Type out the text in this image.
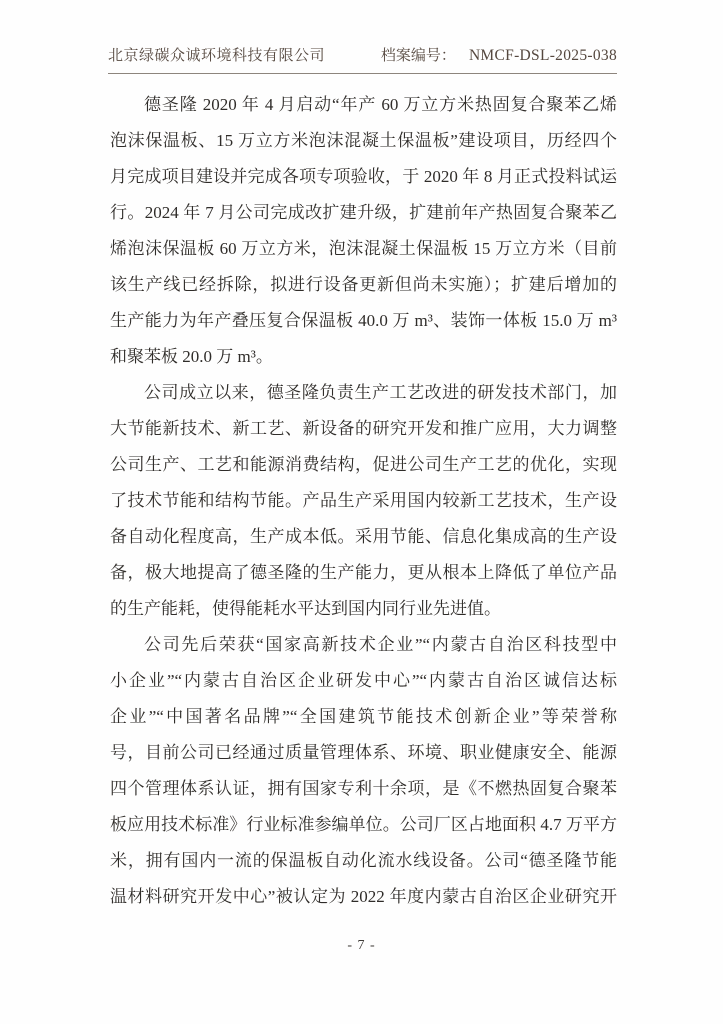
北京绿碳众诚环境科技有限公司	档案编号： NMCF-DSL-2025-038
德圣隆 2020 年 4 月启动“年产 60 万立方米热固复合聚苯乙烯
泡沫保温板、15 万立方米泡沫混凝土保温板”建设项目，历经四个
月完成项目建设并完成各项专项验收，于 2020 年 8 月正式投料试运
行。2024 年 7 月公司完成改扩建升级，扩建前年产热固复合聚苯乙
烯泡沫保温板 60 万立方米，泡沫混凝土保温板 15 万立方米（目前
该生产线已经拆除，拟进行设备更新但尚未实施）；扩建后增加的
生产能力为年产叠压复合保温板 40.0 万 m³、装饰一体板 15.0 万 m³
和聚苯板 20.0 万 m³。
公司成立以来，德圣隆负责生产工艺改进的研发技术部门，加
大节能新技术、新工艺、新设备的研究开发和推广应用，大力调整
公司生产、工艺和能源消费结构，促进公司生产工艺的优化，实现
了技术节能和结构节能。产品生产采用国内较新工艺技术，生产设
备自动化程度高，生产成本低。采用节能、信息化集成高的生产设
备，极大地提高了德圣隆的生产能力，更从根本上降低了单位产品
的生产能耗，使得能耗水平达到国内同行业先进值。
公司先后荣获“国家高新技术企业”“内蒙古自治区科技型中
小企业”“内蒙古自治区企业研发中心”“内蒙古自治区诚信达标
企业”“中国著名品牌”“全国建筑节能技术创新企业”等荣誉称
号，目前公司已经通过质量管理体系、环境、职业健康安全、能源
四个管理体系认证，拥有国家专利十余项，是《不燃热固复合聚苯
板应用技术标准》行业标准参编单位。公司厂区占地面积 4.7 万平方
米，拥有国内一流的保温板自动化流水线设备。公司“德圣隆节能
温材料研究开发中心”被认定为 2022 年度内蒙古自治区企业研究开
- 7 -
